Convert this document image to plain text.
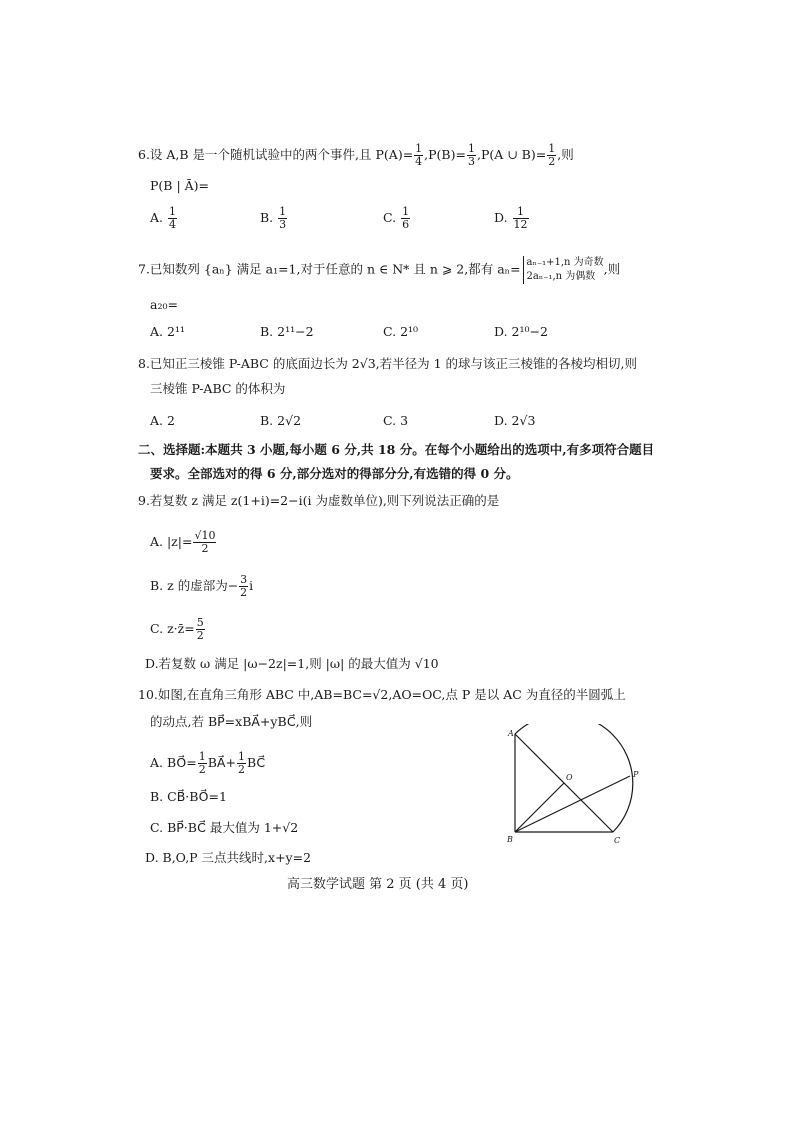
6.设 A,B 是一个随机试验中的两个事件,且 $P(A)= \frac{1}{4} ,P(B)= \frac{1}{3} ,P(A$ ∪ $B)= \frac{1}{2}$ ,则
P(B | Ā)=
A. $\frac{1}{4}$	B. $\frac{1}{3}$	C. $\frac{1}{6}$	D. $\frac{1}{12}$
7.已知数列 {aₙ} 满足 a₁=1,对于任意的 n ∈ N* 且 n ⩾ 2,都有 aₙ= aₙ₋₁+1,n 为奇数
2aₙ₋₁,n 为偶数 ,则
a₂₀=
A. 2¹¹	B. 2¹¹−2	C. 2¹⁰	D. 2¹⁰−2
8.已知正三棱锥 P-ABC 的底面边长为 2√3,若半径为 1 的球与该正三棱锥的各棱均相切,则
三棱锥 P-ABC 的体积为
A. 2	B. 2√2	C. 3	D. 2√3
二、选择题:本题共 3 小题,每小题 6 分,共 18 分。在每个小题给出的选项中,有多项符合题目
要求。全部选对的得 6 分,部分选对的得部分分,有选错的得 0 分。
9.若复数 z 满足 z(1+i)=2−i(i 为虚数单位),则下列说法正确的是
A. $|z|= \frac{√10}{2}$
B. z 的虚部为− $\frac{3}{2}$ i
C. z·z̄= $\frac{5}{2}$
D.若复数 ω 满足 |ω−2z|=1,则 |ω| 的最大值为 √10
10.如图,在直角三角形 ABC 中,AB=BC=√2,AO=OC,点 P 是以 AC 为直径的半圆弧上
的动点,若 BP⃗=xBA⃗+yBC⃗,则
A. BO⃗= $\frac{1}{2}$ BA⃗+ $\frac{1}{2}$ BC⃗
B. CB⃗·BO⃗=1
C. BP⃗·BC⃗ 最大值为 1+√2
D. B,O,P 三点共线时,x+y=2
A
O	P
B	C
高三数学试题 第 2 页 (共 4 页)
